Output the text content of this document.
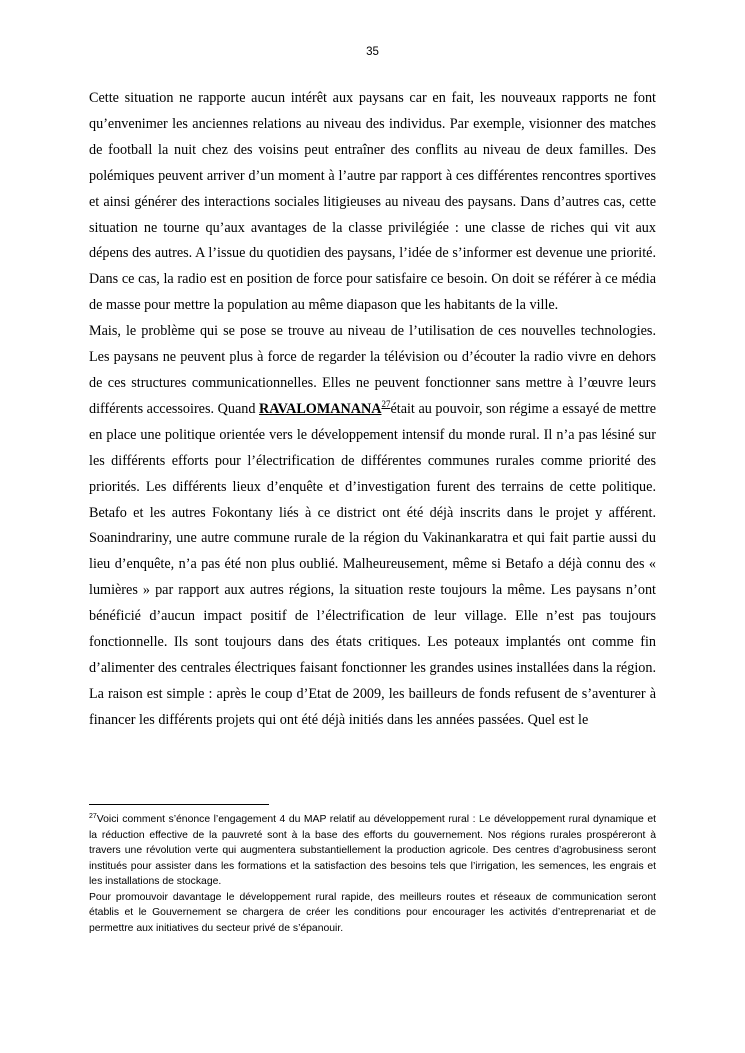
35

Cette situation ne rapporte aucun intérêt aux paysans car en fait, les nouveaux rapports ne font qu’envenimer les anciennes relations au niveau des individus. Par exemple, visionner des matches de football la nuit chez des voisins peut entraîner des conflits au niveau de deux familles. Des polémiques peuvent arriver d’un moment à l’autre par rapport à ces différentes rencontres sportives et ainsi générer des interactions sociales litigieuses au niveau des paysans. Dans d’autres cas, cette situation ne tourne qu’aux avantages de la classe privilégiée : une classe de riches qui vit aux dépens des autres. A l’issue du quotidien des paysans, l’idée de s’informer est devenue une priorité. Dans ce cas, la radio est en position de force pour satisfaire ce besoin. On doit se référer à ce média de masse pour mettre la population au même diapason que les habitants de la ville.

Mais, le problème qui se pose se trouve au niveau de l’utilisation de ces nouvelles technologies. Les paysans ne peuvent plus à force de regarder la télévision ou d’écouter la radio vivre en dehors de ces structures communicationnelles. Elles ne peuvent fonctionner sans mettre à l’œuvre leurs différents accessoires. Quand RAVALOMANANA$^{27}$était au pouvoir, son régime a essayé de mettre en place une politique orientée vers le développement intensif du monde rural. Il n’a pas lésiné sur les différents efforts pour l’électrification de différentes communes rurales comme priorité des priorités. Les différents lieux d’enquête et d’investigation furent des terrains de cette politique. Betafo et les autres Fokontany liés à ce district ont été déjà inscrits dans le projet y afférent. Soanindrariny, une autre commune rurale de la région du Vakinankaratra et qui fait partie aussi du lieu d’enquête, n’a pas été non plus oublié. Malheureusement, même si Betafo a déjà connu des « lumières » par rapport aux autres régions, la situation reste toujours la même. Les paysans n’ont bénéficié d’aucun impact positif de l’électrification de leur village. Elle n’est pas toujours fonctionnelle. Ils sont toujours dans des états critiques. Les poteaux implantés ont comme fin d’alimenter des centrales électriques faisant fonctionner les grandes usines installées dans la région. La raison est simple : après le coup d’Etat de 2009, les bailleurs de fonds refusent de s’aventurer à financer les différents projets qui ont été déjà initiés dans les années passées. Quel est le

$^{27}$Voici comment s’énonce l’engagement 4 du MAP relatif au développement rural : Le développement rural dynamique et la réduction effective de la pauvreté sont à la base des efforts du gouvernement. Nos régions rurales prospéreront à travers une révolution verte qui augmentera substantiellement la production agricole. Des centres d’agrobusiness seront institués pour assister dans les formations et la satisfaction des besoins tels que l’irrigation, les semences, les engrais et les installations de stockage.

Pour promouvoir davantage le développement rural rapide, des meilleurs routes et réseaux de communication seront établis et le Gouvernement se chargera de créer les conditions pour encourager les activités d’entreprenariat et de permettre aux initiatives du secteur privé de s’épanouir.
